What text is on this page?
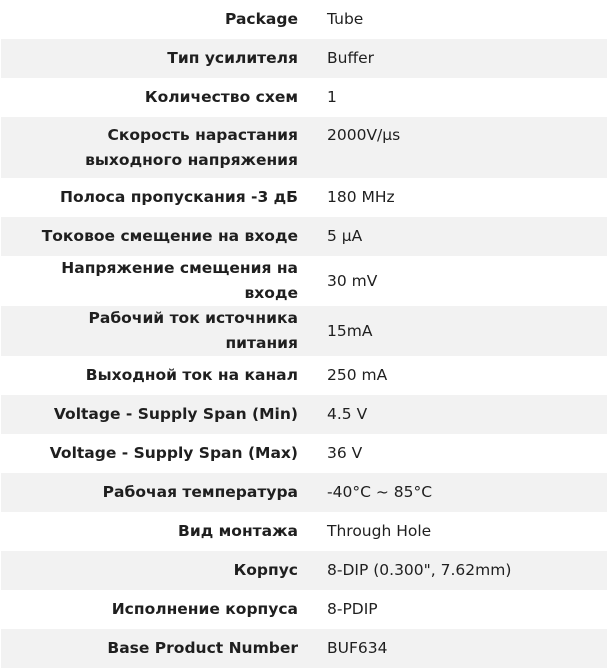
Package	Tube
Тип усилителя	Buffer
Количество схем	1
Скорость нарастания выходного напряжения	2000V/µs
Полоса пропускания -3 дБ	180 MHz
Токовое смещение на входе	5 µA
Напряжение смещения на входе	30 mV
Рабочий ток источника питания	15mA
Выходной ток на канал	250 mA
Voltage - Supply Span (Min)	4.5 V
Voltage - Supply Span (Max)	36 V
Рабочая температура	-40°C ~ 85°C
Вид монтажа	Through Hole
Корпус	8-DIP (0.300", 7.62mm)
Исполнение корпуса	8-PDIP
Base Product Number	BUF634
